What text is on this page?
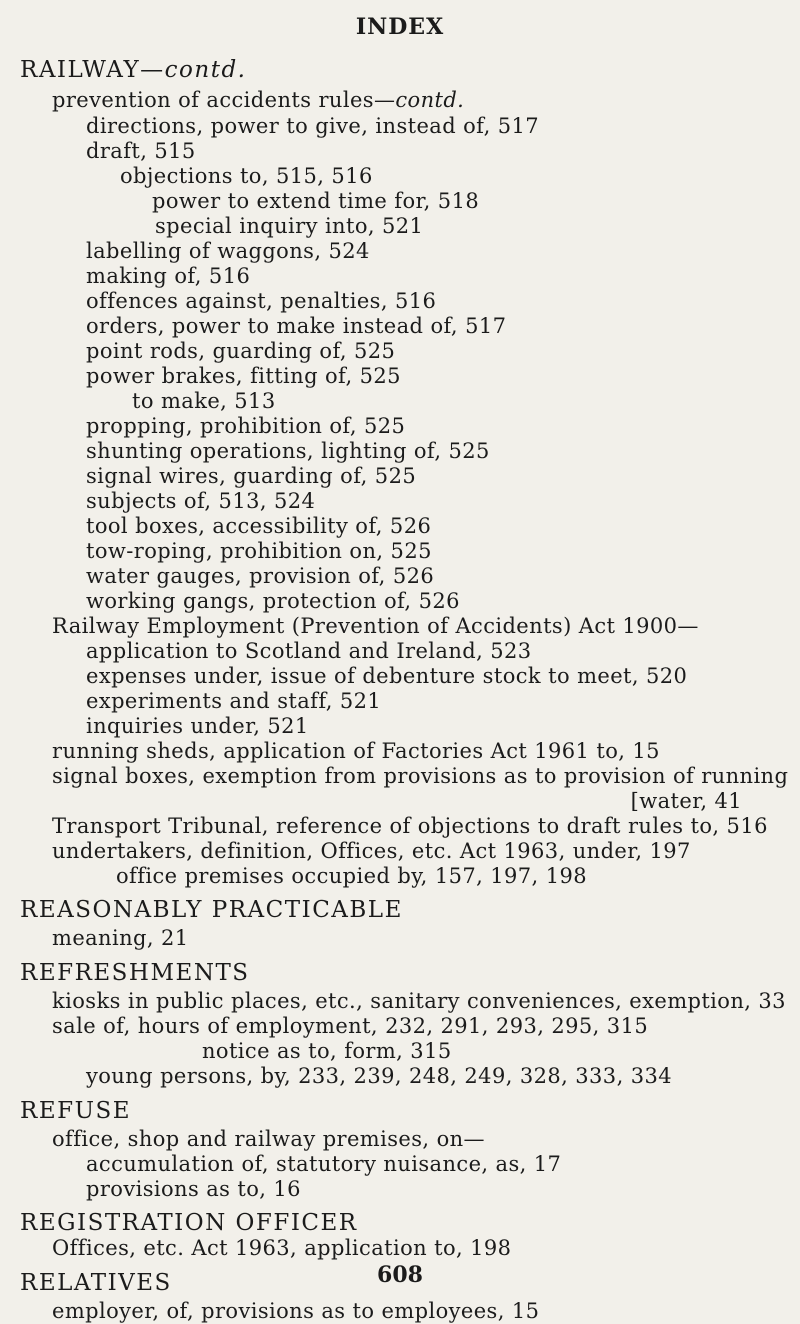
INDEX
RAILWAY—contd.
prevention of accidents rules—contd.
directions, power to give, instead of, 517
draft, 515
objections to, 515, 516
power to extend time for, 518
special inquiry into, 521
labelling of waggons, 524
making of, 516
offences against, penalties, 516
orders, power to make instead of, 517
point rods, guarding of, 525
power brakes, fitting of, 525
to make, 513
propping, prohibition of, 525
shunting operations, lighting of, 525
signal wires, guarding of, 525
subjects of, 513, 524
tool boxes, accessibility of, 526
tow-roping, prohibition on, 525
water gauges, provision of, 526
working gangs, protection of, 526
Railway Employment (Prevention of Accidents) Act 1900—
application to Scotland and Ireland, 523
expenses under, issue of debenture stock to meet, 520
experiments and staff, 521
inquiries under, 521
running sheds, application of Factories Act 1961 to, 15
signal boxes, exemption from provisions as to provision of running
[water, 41
Transport Tribunal, reference of objections to draft rules to, 516
undertakers, definition, Offices, etc. Act 1963, under, 197
office premises occupied by, 157, 197, 198
REASONABLY PRACTICABLE
meaning, 21
REFRESHMENTS
kiosks in public places, etc., sanitary conveniences, exemption, 33
sale of, hours of employment, 232, 291, 293, 295, 315
notice as to, form, 315
young persons, by, 233, 239, 248, 249, 328, 333, 334
REFUSE
office, shop and railway premises, on—
accumulation of, statutory nuisance, as, 17
provisions as to, 16
REGISTRATION OFFICER
Offices, etc. Act 1963, application to, 198
RELATIVES
employer, of, provisions as to employees, 15
608
